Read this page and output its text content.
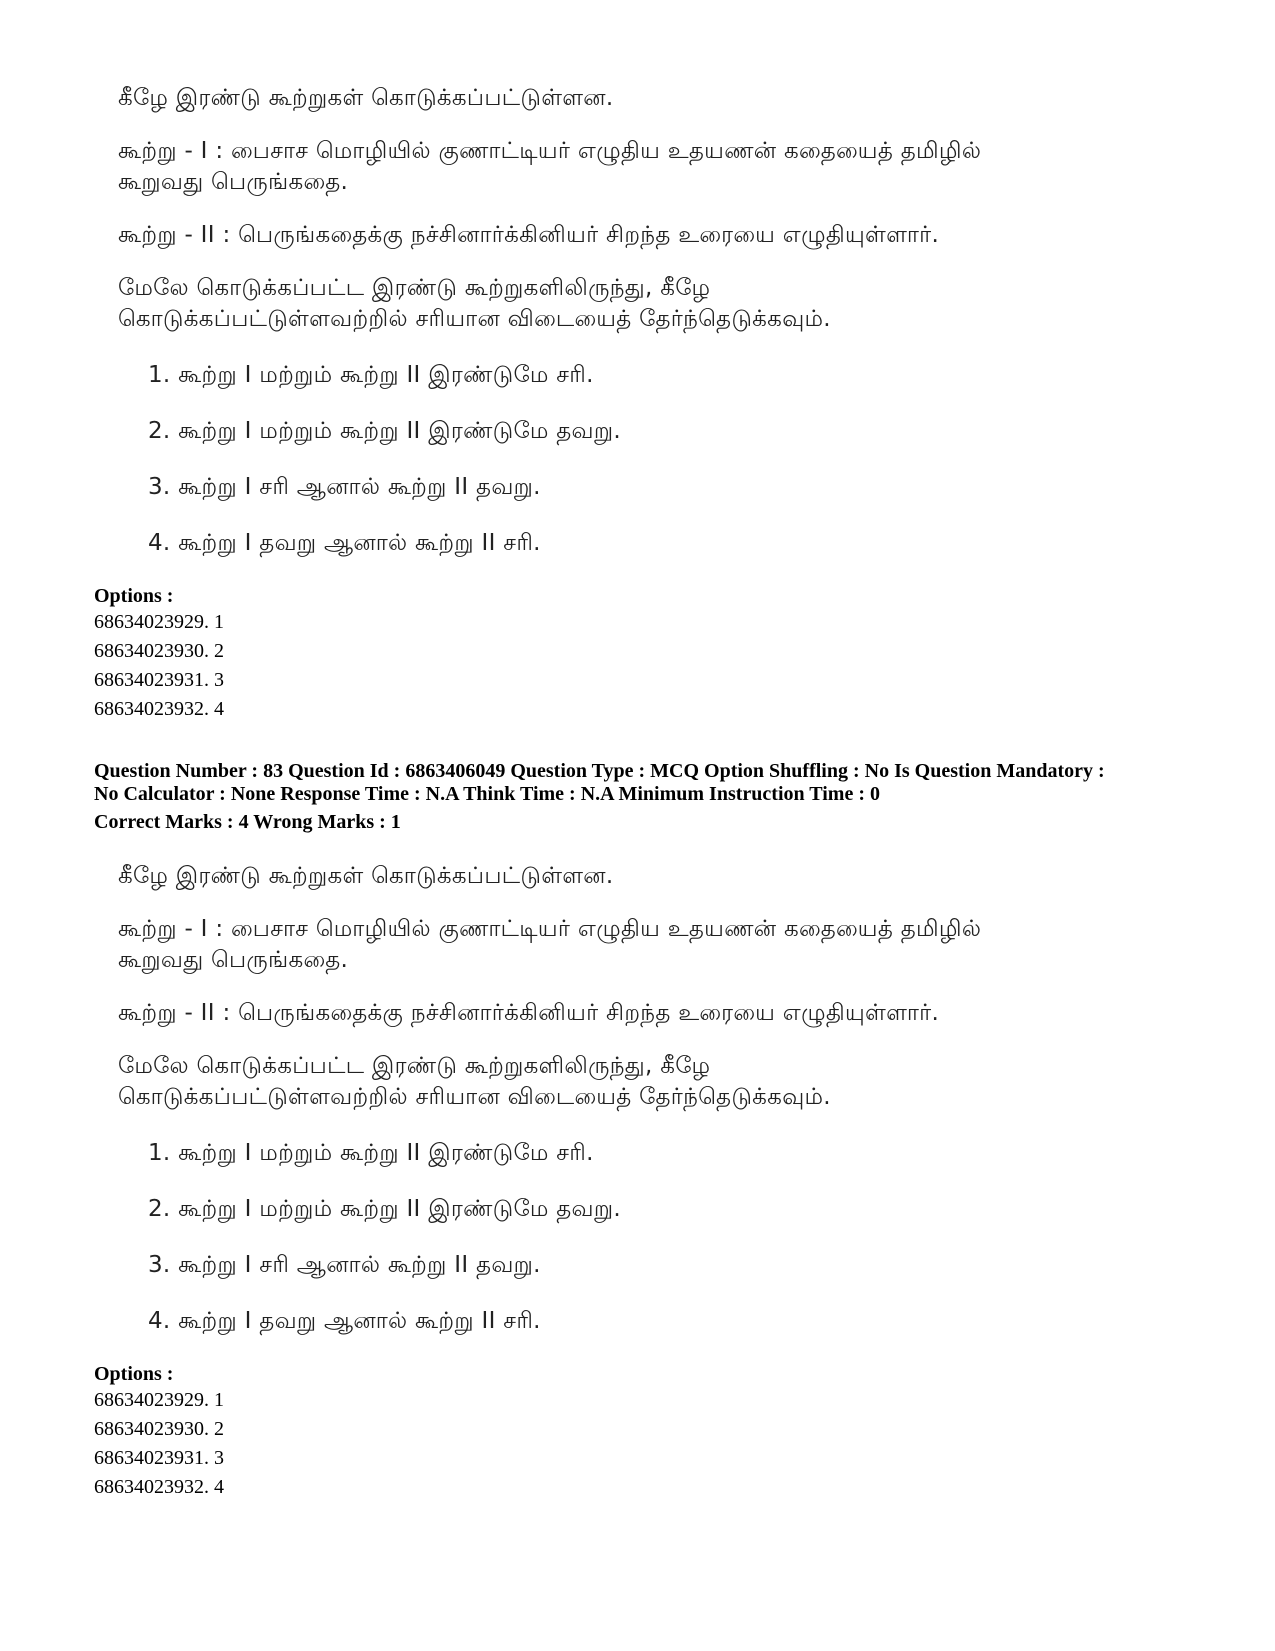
கீழே இரண்டு கூற்றுகள் கொடுக்கப்பட்டுள்ளன.
கூற்று - I : பைசாச மொழியில் குணாட்டியர் எழுதிய உதயணன் கதையைத் தமிழில்
கூறுவது பெருங்கதை.
கூற்று - II : பெருங்கதைக்கு நச்சினார்க்கினியர் சிறந்த உரையை எழுதியுள்ளார்.
மேலே கொடுக்கப்பட்ட இரண்டு கூற்றுகளிலிருந்து, கீழே
கொடுக்கப்பட்டுள்ளவற்றில் சரியான விடையைத் தேர்ந்தெடுக்கவும்.
1. கூற்று I மற்றும் கூற்று II இரண்டுமே சரி.
2. கூற்று I மற்றும் கூற்று II இரண்டுமே தவறு.
3. கூற்று I சரி ஆனால் கூற்று II தவறு.
4. கூற்று I தவறு ஆனால் கூற்று II சரி.
Options :
68634023929. 1
68634023930. 2
68634023931. 3
68634023932. 4
Question Number : 83 Question Id : 6863406049 Question Type : MCQ Option Shuffling : No Is Question Mandatory :
No Calculator : None Response Time : N.A Think Time : N.A Minimum Instruction Time : 0
Correct Marks : 4 Wrong Marks : 1
கீழே இரண்டு கூற்றுகள் கொடுக்கப்பட்டுள்ளன.
கூற்று - I : பைசாச மொழியில் குணாட்டியர் எழுதிய உதயணன் கதையைத் தமிழில்
கூறுவது பெருங்கதை.
கூற்று - II : பெருங்கதைக்கு நச்சினார்க்கினியர் சிறந்த உரையை எழுதியுள்ளார்.
மேலே கொடுக்கப்பட்ட இரண்டு கூற்றுகளிலிருந்து, கீழே
கொடுக்கப்பட்டுள்ளவற்றில் சரியான விடையைத் தேர்ந்தெடுக்கவும்.
1. கூற்று I மற்றும் கூற்று II இரண்டுமே சரி.
2. கூற்று I மற்றும் கூற்று II இரண்டுமே தவறு.
3. கூற்று I சரி ஆனால் கூற்று II தவறு.
4. கூற்று I தவறு ஆனால் கூற்று II சரி.
Options :
68634023929. 1
68634023930. 2
68634023931. 3
68634023932. 4
